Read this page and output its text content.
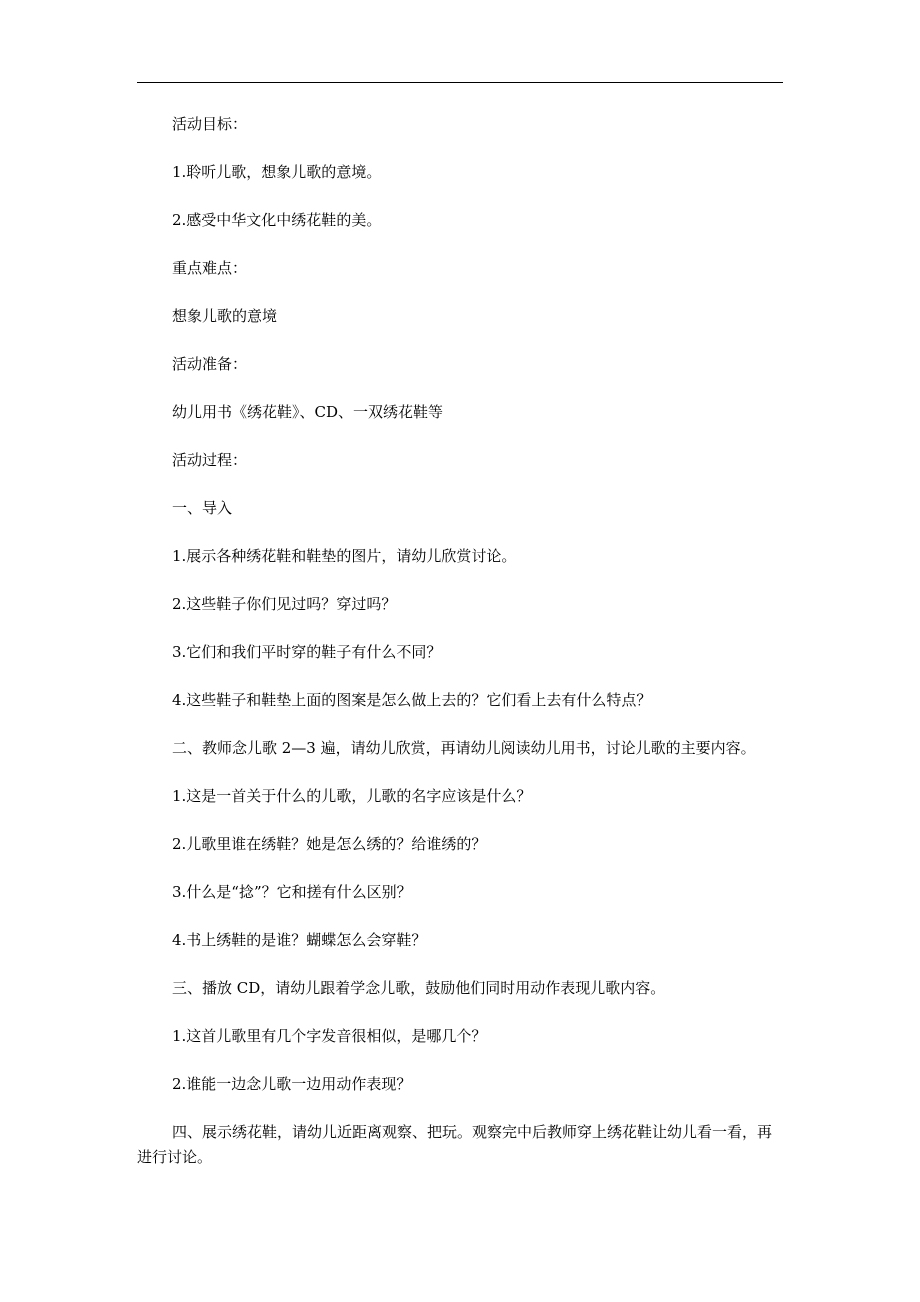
活动目标：
1.聆听儿歌，想象儿歌的意境。
2.感受中华文化中绣花鞋的美。
重点难点：
想象儿歌的意境
活动准备：
幼儿用书《绣花鞋》、CD、一双绣花鞋等
活动过程：
一、导入
1.展示各种绣花鞋和鞋垫的图片，请幼儿欣赏讨论。
2.这些鞋子你们见过吗？穿过吗？
3.它们和我们平时穿的鞋子有什么不同？
4.这些鞋子和鞋垫上面的图案是怎么做上去的？它们看上去有什么特点？
二、教师念儿歌 2—3 遍，请幼儿欣赏，再请幼儿阅读幼儿用书，讨论儿歌的主要内容。
1.这是一首关于什么的儿歌，儿歌的名字应该是什么？
2.儿歌里谁在绣鞋？她是怎么绣的？给谁绣的？
3.什么是“捻”？它和搓有什么区别？
4.书上绣鞋的是谁？蝴蝶怎么会穿鞋？
三、播放 CD，请幼儿跟着学念儿歌，鼓励他们同时用动作表现儿歌内容。
1.这首儿歌里有几个字发音很相似，是哪几个？
2.谁能一边念儿歌一边用动作表现？
四、展示绣花鞋，请幼儿近距离观察、把玩。观察完中后教师穿上绣花鞋让幼儿看一看，再进行讨论。
